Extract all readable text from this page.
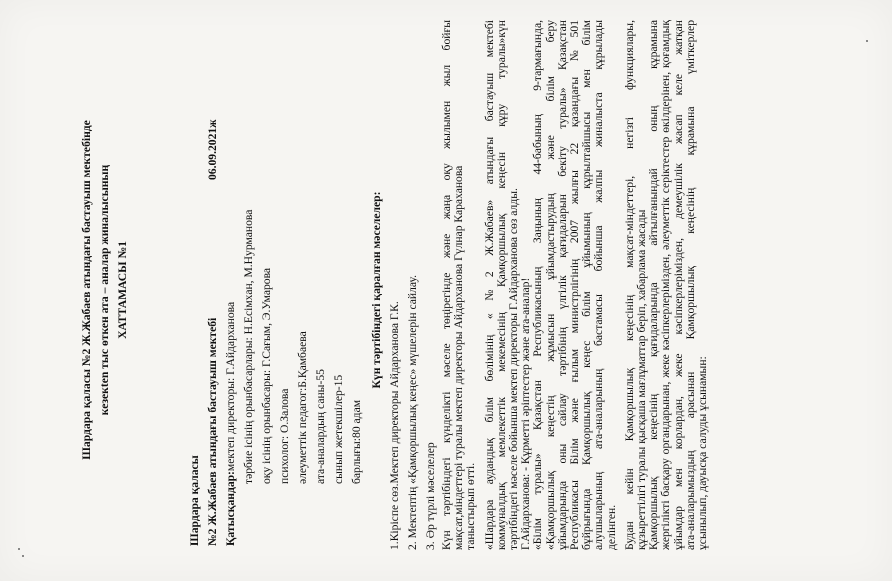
Шардара қаласы №2 Ж.Жабаев атындағы бастауыш мектебінде кезекten тыс өткен ата – аналар жиналысының ХАТТАМАСЫ №1
Шардара қаласы №2 Ж.Жабаев атындағы бастауыш мектебі
06.09.2021ж
Қатысқандар:мектеп директоры: Г.Айдарханова тәрбие ісінің орынбасарлары: Н.Есімхан, М.Нурманова оқу ісінің орынбасары: Г.Сағым, Э.Умарова психолог: О.Залова әлеуметтік педагог:Б.Қамбаева ата-аналардың саны-55 сынып жетекшілер-15 барлығы:80 адам
Күн тәртібіндегі қаралған мәселелер:
1.Кіріспе сөз.Мектеп директоры Айдарханова Г.К. 2. Мектептің «Қамқоршылық кеңес» мүшелерін сайлау. 3. Әр түрлі мәселелер Күн тәртібіндегі күнделікті мәселе төңірегінде және жаңа оқу жылымен жыл бойғы мақсат,міндеттері туралы мектеп директоры Айдарханова Гүлнар Караханова таныстырып өтті. «Шардара аудандық білім бөлімінің «№2 Ж.Жабаев» атындағы бастауыш мектебі коммуналдық мемлекеттік мекемесінің Қамқоршылық кеңесін құру туралы»күн тәртібіндегі мәселе бойынша мектеп директоры Г.Айдарханова сөз алды. Г.Айдарханова: - Құрметті әріптестер және ата-аналар! «Білім туралы» Қазақстан Республикасының Заңының 44-бабының 9-тармағында, «Қамқоршылық кеңестің жұмысын ұйымдастырудың және білім беру ұйымдарында оны сайлау тәртібінің үлгілік қағидаларын бекіту туралы» Қазақстан Республикасы Білім және ғылым министрлігінің 2007 жылғы 22 қазандағы №501 бұйрығында Қамқоршылық кеңес білім ұйымының құрылтайшысы мен білім алушыларының ата-аналарының бастамасы бойынша жалпы жиналыста құрылады делінген. Будан кейін Қамқоршылық кеңесінің мақсат-міндеттері, негізгі функциялары, құзыреттілігі туралы қысқаша мағлұматтар беріп, хабарлама жасады Қамқоршылық кеңесінің қағидаларында айтылғанындай оның құрамына жергілікті басқару органдарынан, жеке кәсіпкерлерімізден, әлеуметтік серіктестер өкілдерінен, қоғамдық ұйымдар мен корлардан, жеке кәсіпкерлерімізден, демеушілік жасап келе жатқан ата-аналарымыздың арасынан Қамқоршылық кеңесінің құрамына үміткерлер ұсынылып, дауысқа салуды ұсынамын:
